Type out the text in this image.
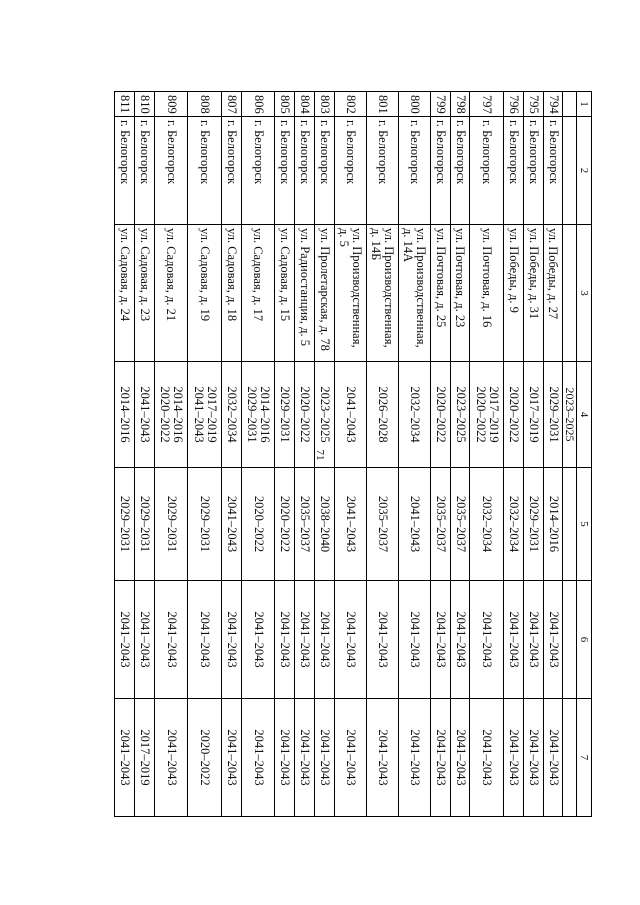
71
1	2	3	4	5	6	7
			2023–2025			
794	г. Белогорск	ул. Победы, д. 27	2029–2031	2014–2016	2041–2043	2041–2043
795	г. Белогорск	ул. Победы, д. 31	2017–2019	2029–2031	2041–2043	2041–2043
796	г. Белогорск	ул. Победы, д. 9	2020–2022	2032–2034	2041–2043	2041–2043
797	г. Белогорск	ул. Почтовая, д. 16	2017–2019
2020–2022	2032–2034	2041–2043	2041–2043
798	г. Белогорск	ул. Почтовая, д. 23	2023–2025	2035–2037	2041–2043	2041–2043
799	г. Белогорск	ул. Почтовая, д. 25	2020–2022	2035–2037	2041–2043	2041–2043
800	г. Белогорск	ул. Производственная,
д. 14А	2032–2034	2041–2043	2041–2043	2041–2043
801	г. Белогорск	ул. Производственная,
д. 14Б	2026–2028	2035–2037	2041–2043	2041–2043
802	г. Белогорск	ул. Производственная,
д. 5	2041–2043	2041–2043	2041–2043	2041–2043
803	г. Белогорск	ул. Пролетарская, д. 78	2023–2025	2038–2040	2041–2043	2041–2043
804	г. Белогорск	ул. Радиостанция, д. 5	2020–2022	2035–2037	2041–2043	2041–2043
805	г. Белогорск	ул. Садовая, д. 15	2029–2031	2020–2022	2041–2043	2041–2043
806	г. Белогорск	ул. Садовая, д. 17	2014–2016
2029–2031	2020–2022	2041–2043	2041–2043
807	г. Белогорск	ул. Садовая, д. 18	2032–2034	2041–2043	2041–2043	2041–2043
808	г. Белогорск	ул. Садовая, д. 19	2017–2019
2041–2043	2029–2031	2041–2043	2020–2022
809	г. Белогорск	ул. Садовая, д. 21	2014–2016
2020–2022	2029–2031	2041–2043	2041–2043
810	г. Белогорск	ул. Садовая, д. 23	2041–2043	2029–2031	2041–2043	2017–2019
811	г. Белогорск	ул. Садовая, д. 24	2014–2016	2029–2031	2041–2043	2041–2043
